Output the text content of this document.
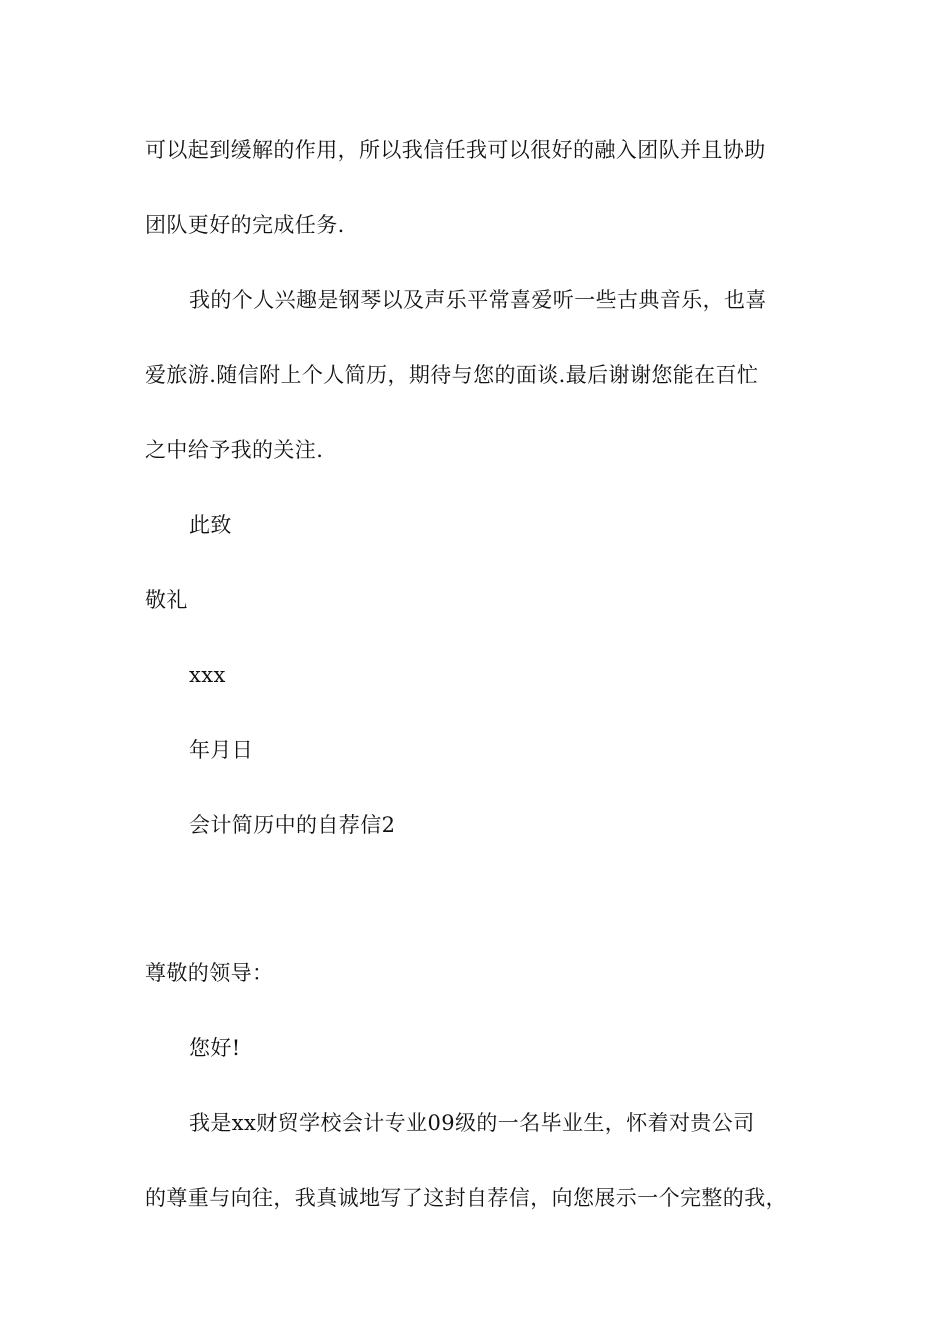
可以起到缓解的作用，所以我信任我可以很好的融入团队并且协助
团队更好的完成任务.
我的个人兴趣是钢琴以及声乐平常喜爱听一些古典音乐，也喜
爱旅游.随信附上个人简历，期待与您的面谈.最后谢谢您能在百忙
之中给予我的关注.
此致
敬礼
xxx
年月日
会计简历中的自荐信2
尊敬的领导：
您好!
我是xx财贸学校会计专业09级的一名毕业生，怀着对贵公司
的尊重与向往，我真诚地写了这封自荐信，向您展示一个完整的我，
